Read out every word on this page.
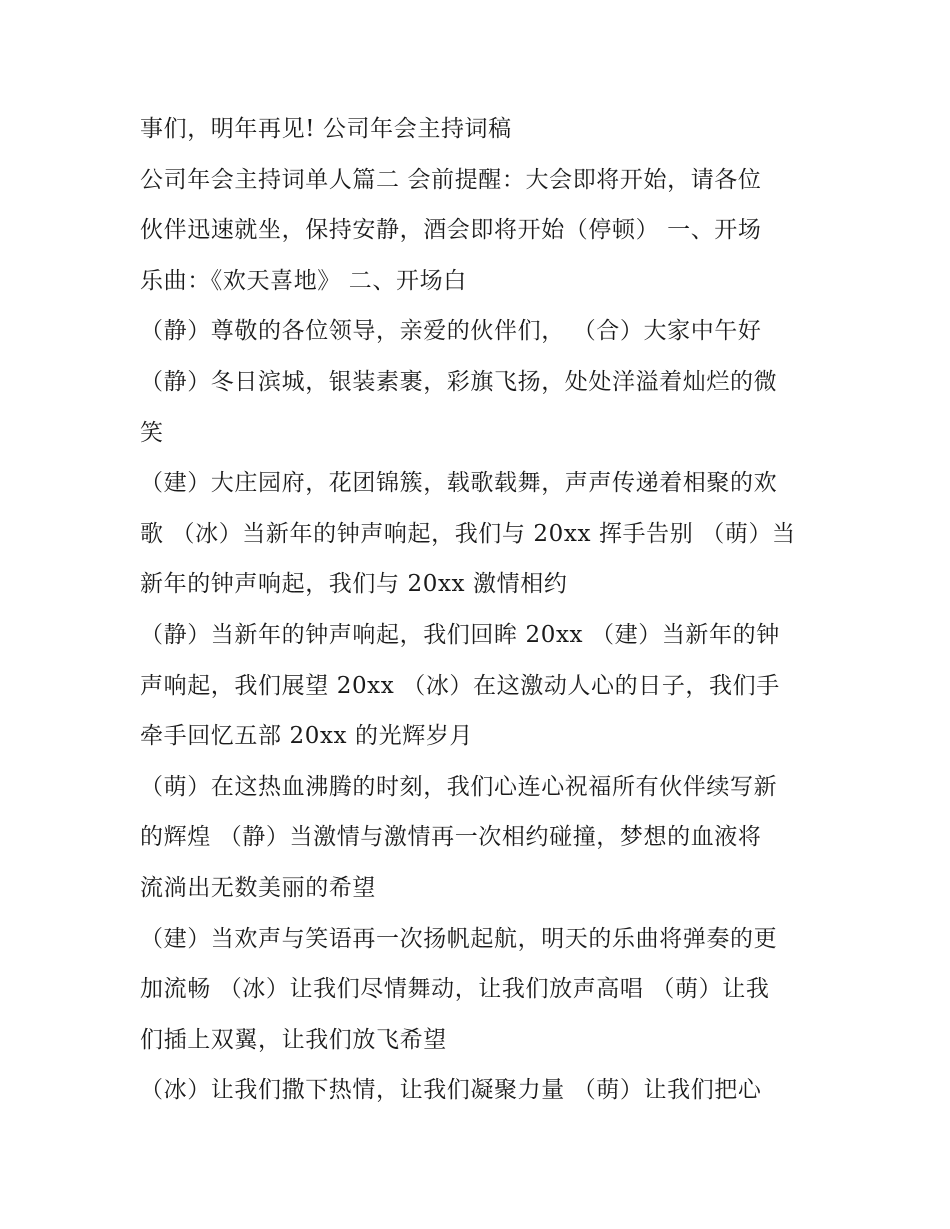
事们，明年再见! 公司年会主持词稿
公司年会主持词单人篇二 会前提醒：大会即将开始，请各位
伙伴迅速就坐，保持安静，酒会即将开始（停顿） 一、开场
乐曲：《欢天喜地》 二、开场白
（静）尊敬的各位领导，亲爱的伙伴们， （合）大家中午好
（静）冬日滨城，银装素裹，彩旗飞扬，处处洋溢着灿烂的微
笑
（建）大庄园府，花团锦簇，载歌载舞，声声传递着相聚的欢
歌 （冰）当新年的钟声响起，我们与 20xx 挥手告别 （萌）当
新年的钟声响起，我们与 20xx 激情相约
（静）当新年的钟声响起，我们回眸 20xx （建）当新年的钟
声响起，我们展望 20xx （冰）在这激动人心的日子，我们手
牵手回忆五部 20xx 的光辉岁月
（萌）在这热血沸腾的时刻，我们心连心祝福所有伙伴续写新
的辉煌 （静）当激情与激情再一次相约碰撞，梦想的血液将
流淌出无数美丽的希望
（建）当欢声与笑语再一次扬帆起航，明天的乐曲将弹奏的更
加流畅 （冰）让我们尽情舞动，让我们放声高唱 （萌）让我
们插上双翼，让我们放飞希望
（冰）让我们撒下热情，让我们凝聚力量 （萌）让我们把心
